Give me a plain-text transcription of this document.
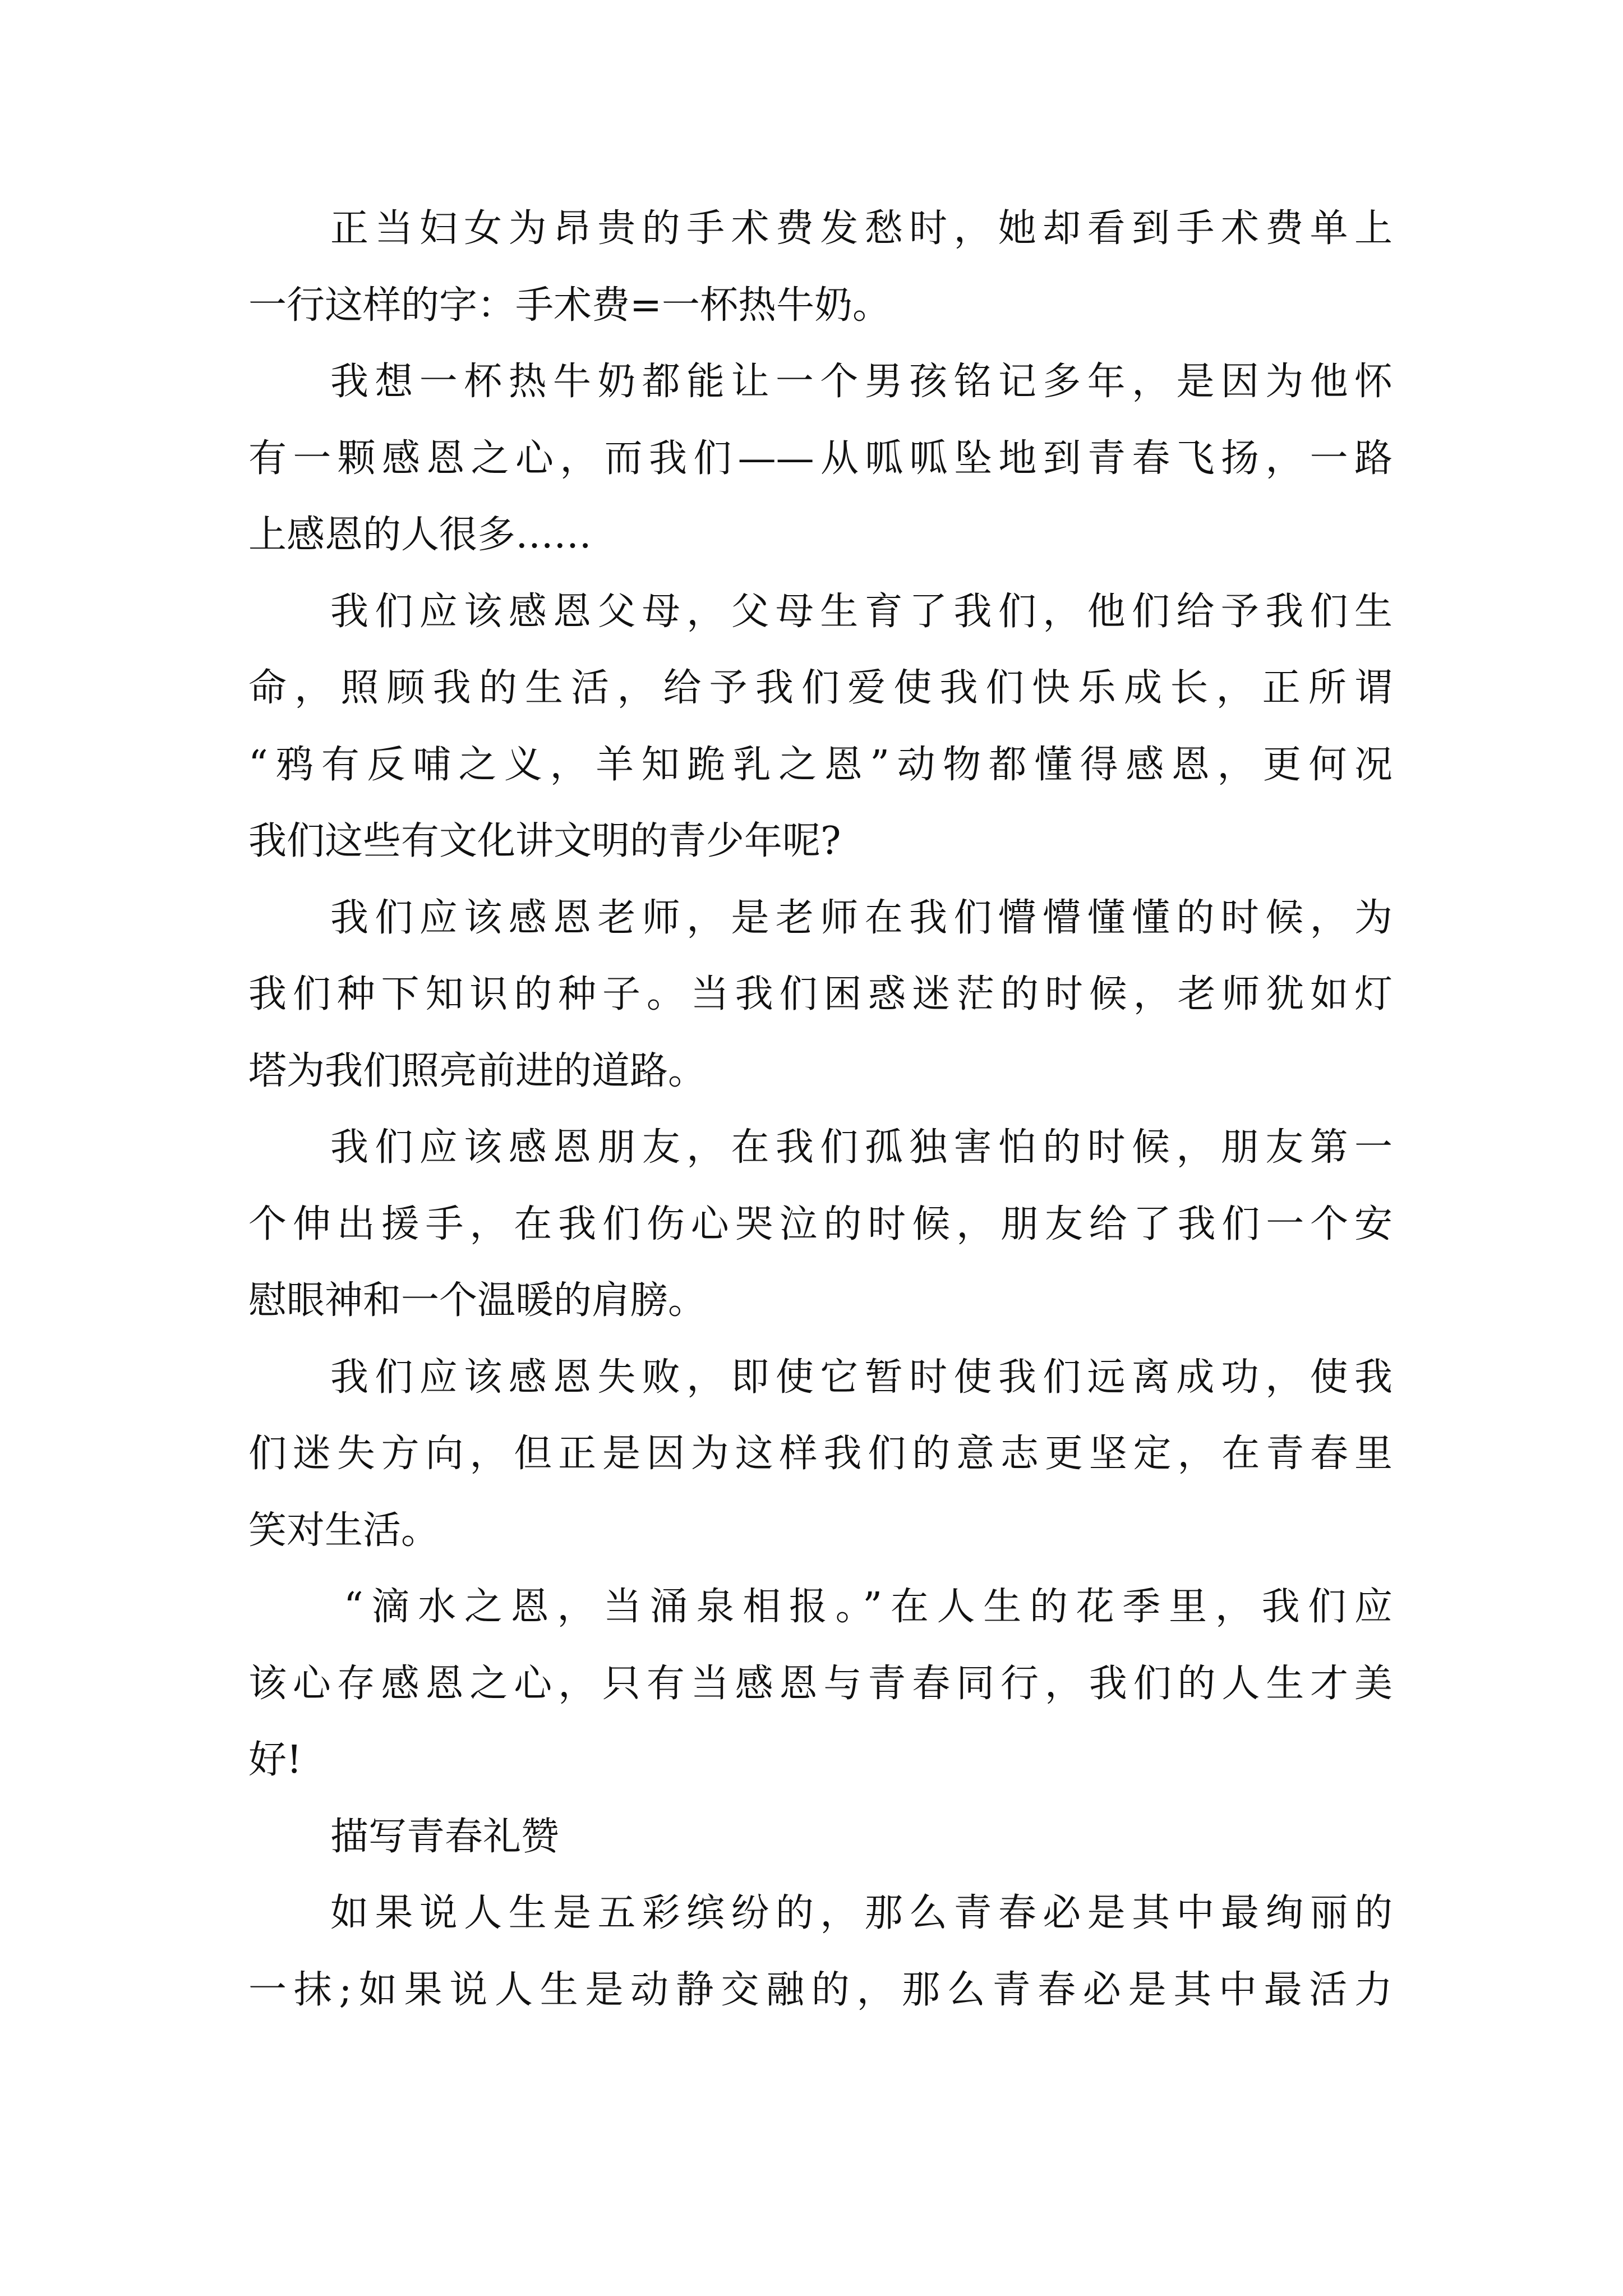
正当妇女为昂贵的手术费发愁时，她却看到手术费单上
一行这样的字：手术费=一杯热牛奶。
我想一杯热牛奶都能让一个男孩铭记多年，是因为他怀
有一颗感恩之心，而我们——从呱呱坠地到青春飞扬，一路
上感恩的人很多……
我们应该感恩父母，父母生育了我们，他们给予我们生
命，照顾我的生活，给予我们爱使我们快乐成长，正所谓
“鸦有反哺之义，羊知跪乳之恩”动物都懂得感恩，更何况
我们这些有文化讲文明的青少年呢?
我们应该感恩老师，是老师在我们懵懵懂懂的时候，为
我们种下知识的种子。当我们困惑迷茫的时候，老师犹如灯
塔为我们照亮前进的道路。
我们应该感恩朋友，在我们孤独害怕的时候，朋友第一
个伸出援手，在我们伤心哭泣的时候，朋友给了我们一个安
慰眼神和一个温暖的肩膀。
我们应该感恩失败，即使它暂时使我们远离成功，使我
们迷失方向，但正是因为这样我们的意志更坚定，在青春里
笑对生活。
“滴水之恩，当涌泉相报。”在人生的花季里，我们应
该心存感恩之心，只有当感恩与青春同行，我们的人生才美
好!
描写青春礼赞
如果说人生是五彩缤纷的，那么青春必是其中最绚丽的
一抹;如果说人生是动静交融的，那么青春必是其中最活力
